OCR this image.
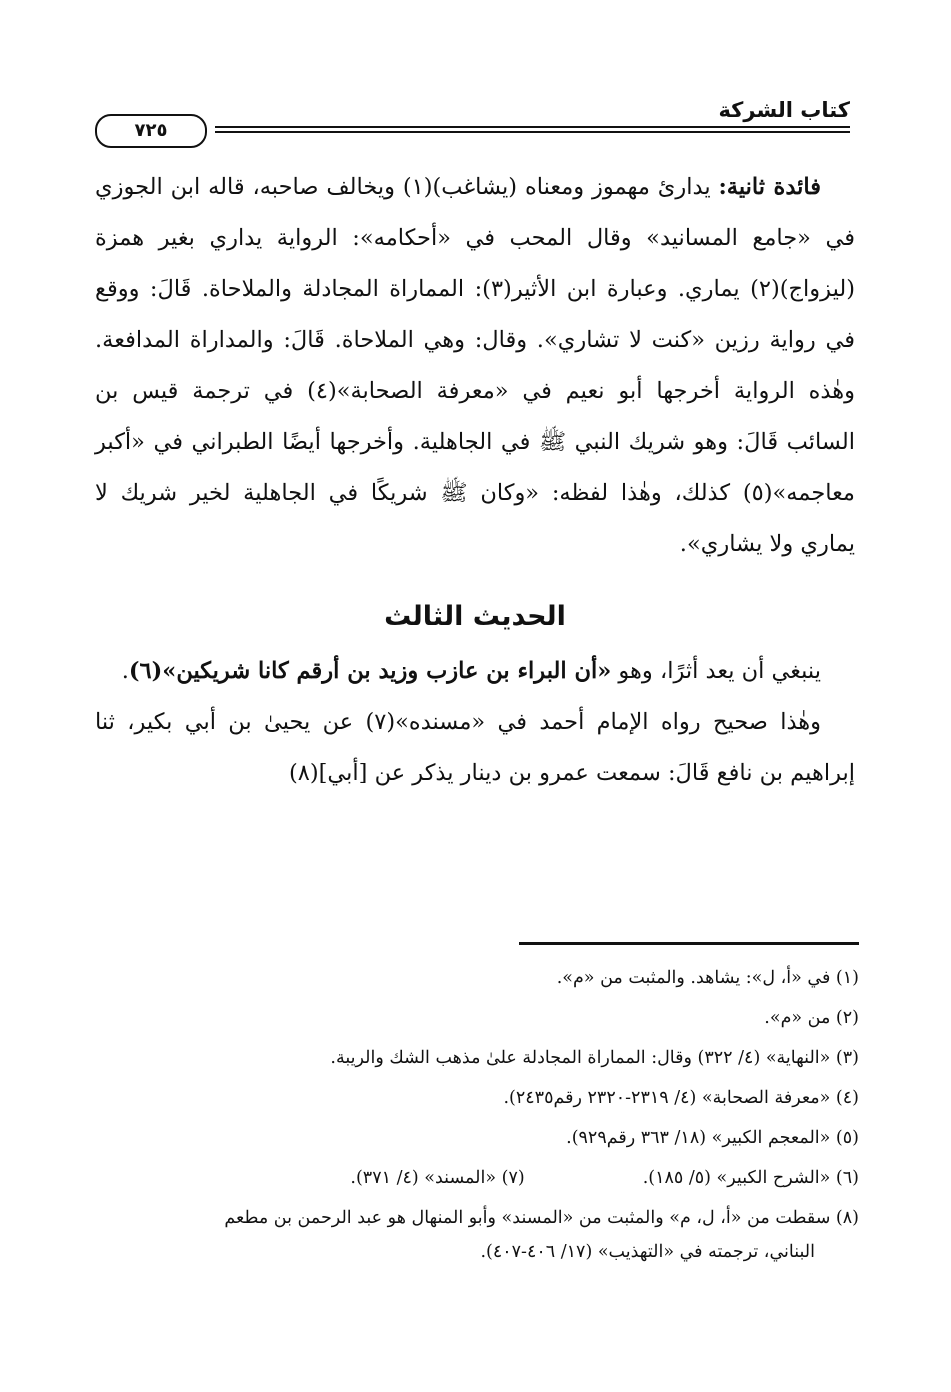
كتاب الشركة
٧٢٥

فائدة ثانية: يدارئ مهموز ومعناه (يشاغب)(١) ويخالف صاحبه، قاله ابن الجوزي في «جامع المسانيد» وقال المحب في «أحكامه»: الرواية يداري بغير همزة (ليزواج)(٢) يماري. وعبارة ابن الأثير(٣): المماراة المجادلة والملاحاة. قَالَ: ووقع في رواية رزين «كنت لا تشاري». وقال: وهي الملاحاة. قَالَ: والمداراة المدافعة. وهٰذه الرواية أخرجها أبو نعيم في «معرفة الصحابة»(٤) في ترجمة قيس بن السائب قَالَ: وهو شريك النبي ﷺ في الجاهلية. وأخرجها أيضًا الطبراني في «أكبر معاجمه»(٥) كذلك، وهٰذا لفظه: «وكان ﷺ شريكًا في الجاهلية لخير شريك لا يماري ولا يشاري».

الحديث الثالث

ينبغي أن يعد أثرًا، وهو «أن البراء بن عازب وزيد بن أرقم كانا شريكين»(٦).

وهٰذا صحيح رواه الإمام أحمد في «مسنده»(٧) عن يحيىٰ بن أبي بكير، ثنا إبراهيم بن نافع قَالَ: سمعت عمرو بن دينار يذكر عن [أبي](٨)

(١) في «أ، ل»: يشاهد. والمثبت من «م».

(٢) من «م».

(٣) «النهاية» (٤/ ٣٢٢) وقال: المماراة المجادلة علىٰ مذهب الشك والريبة.

(٤) «معرفة الصحابة» (٤/ ٢٣١٩-٢٣٢٠ رقم٢٤٣٥).

(٥) «المعجم الكبير» (١٨/ ٣٦٣ رقم٩٢٩).

(٦) «الشرح الكبير» (٥/ ١٨٥).
(٧) «المسند» (٤/ ٣٧١).

(٨) سقطت من «أ، ل، م» والمثبت من «المسند» وأبو المنهال هو عبد الرحمن بن مطعم

البناني، ترجمته في «التهذيب» (١٧/ ٤٠٦-٤٠٧).
